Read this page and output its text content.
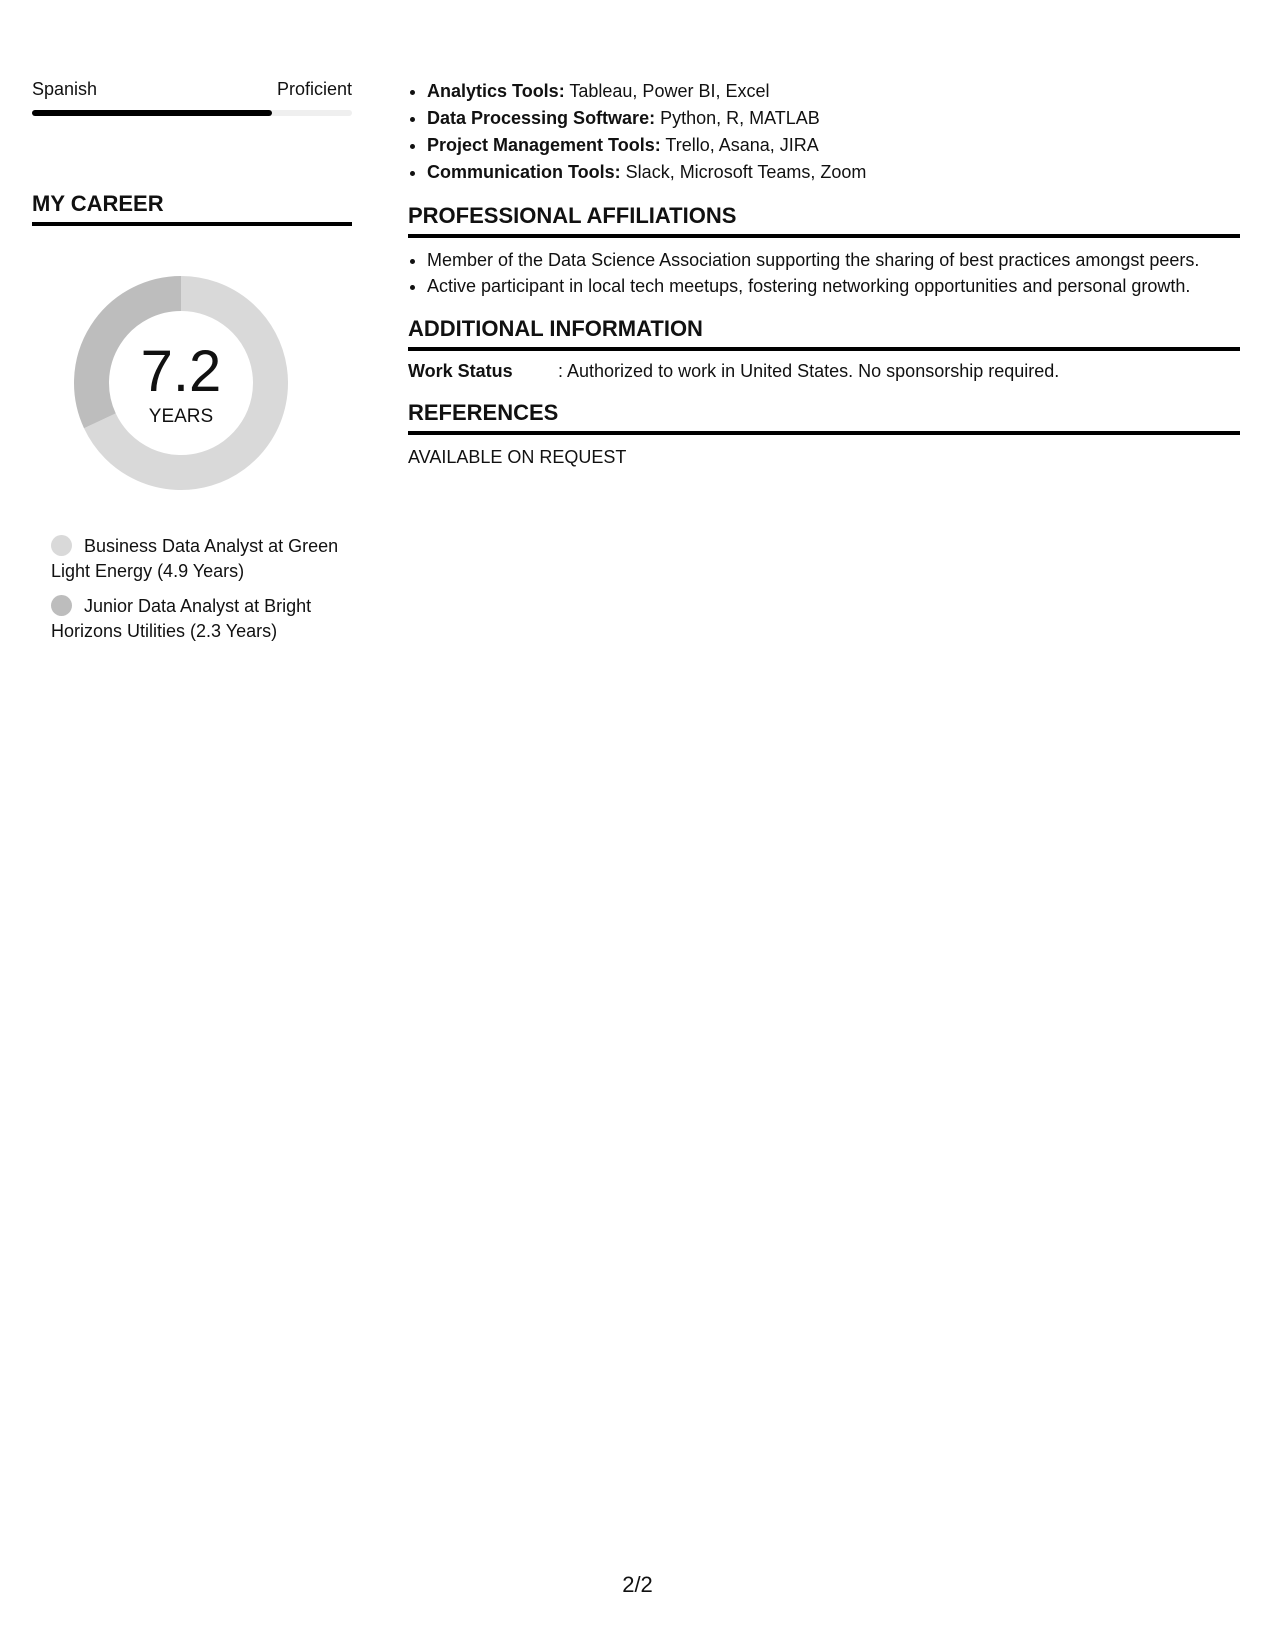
Spanish	Proficient
MY CAREER
7.2
YEARS
Business Data Analyst at Green Light Energy (4.9 Years)
Junior Data Analyst at Bright Horizons Utilities (2.3 Years)
• Analytics Tools: Tableau, Power BI, Excel
• Data Processing Software: Python, R, MATLAB
• Project Management Tools: Trello, Asana, JIRA
• Communication Tools: Slack, Microsoft Teams, Zoom
PROFESSIONAL AFFILIATIONS
• Member of the Data Science Association supporting the sharing of best practices amongst peers.
• Active participant in local tech meetups, fostering networking opportunities and personal growth.
ADDITIONAL INFORMATION
Work Status	: Authorized to work in United States. No sponsorship required.
REFERENCES
AVAILABLE ON REQUEST
2/2
